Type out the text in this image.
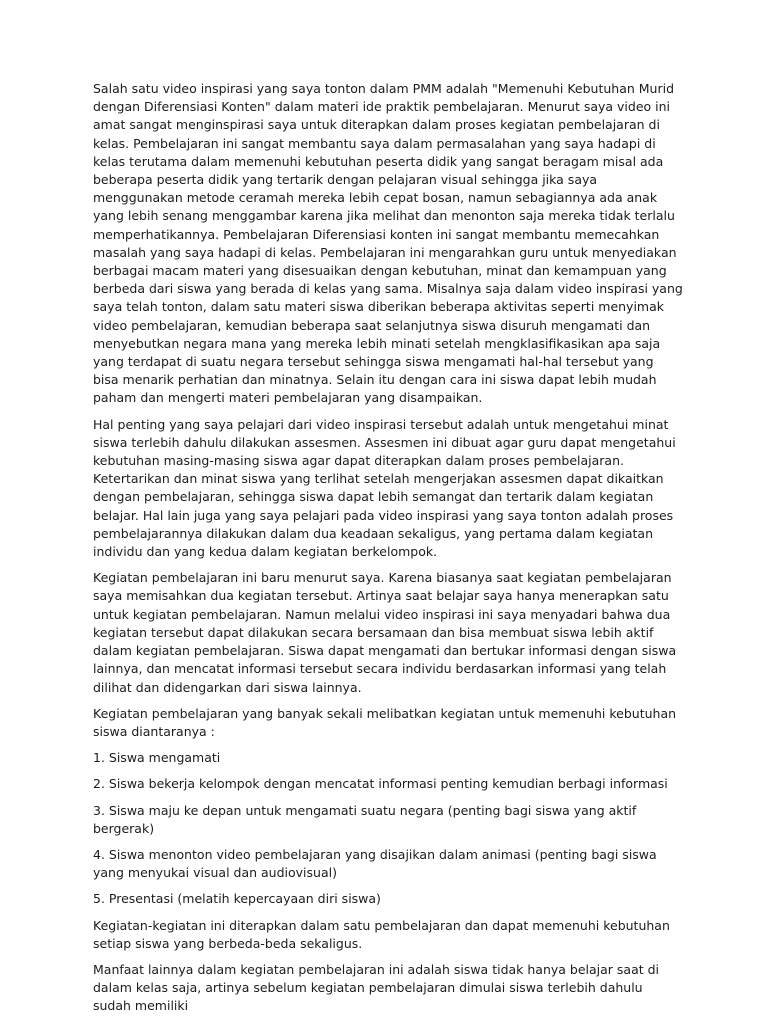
Salah satu video inspirasi yang saya tonton dalam PMM adalah "Memenuhi Kebutuhan Murid dengan Diferensiasi Konten" dalam materi ide praktik pembelajaran. Menurut saya video ini amat sangat menginspirasi saya untuk diterapkan dalam proses kegiatan pembelajaran di kelas. Pembelajaran ini sangat membantu saya dalam permasalahan yang saya hadapi di kelas terutama dalam memenuhi kebutuhan peserta didik yang sangat beragam misal ada beberapa peserta didik yang tertarik dengan pelajaran visual sehingga jika saya menggunakan metode ceramah mereka lebih cepat bosan, namun sebagiannya ada anak yang lebih senang menggambar karena jika melihat dan menonton saja mereka tidak terlalu memperhatikannya. Pembelajaran Diferensiasi konten ini sangat membantu memecahkan masalah yang saya hadapi di kelas. Pembelajaran ini mengarahkan guru untuk menyediakan berbagai macam materi yang disesuaikan dengan kebutuhan, minat dan kemampuan yang berbeda dari siswa yang berada di kelas yang sama. Misalnya saja dalam video inspirasi yang saya telah tonton, dalam satu materi siswa diberikan beberapa aktivitas seperti menyimak video pembelajaran, kemudian beberapa saat selanjutnya siswa disuruh mengamati dan menyebutkan negara mana yang mereka lebih minati setelah mengklasifikasikan apa saja yang terdapat di suatu negara tersebut sehingga siswa mengamati hal-hal tersebut yang bisa menarik perhatian dan minatnya. Selain itu dengan cara ini siswa dapat lebih mudah paham dan mengerti materi pembelajaran yang disampaikan.

Hal penting yang saya pelajari dari video inspirasi tersebut adalah untuk mengetahui minat siswa terlebih dahulu dilakukan assesmen. Assesmen ini dibuat agar guru dapat mengetahui kebutuhan masing-masing siswa agar dapat diterapkan dalam proses pembelajaran. Ketertarikan dan minat siswa yang terlihat setelah mengerjakan assesmen dapat dikaitkan dengan pembelajaran, sehingga siswa dapat lebih semangat dan tertarik dalam kegiatan belajar. Hal lain juga yang saya pelajari pada video inspirasi yang saya tonton adalah proses pembelajarannya dilakukan dalam dua keadaan sekaligus, yang pertama dalam kegiatan individu dan yang kedua dalam kegiatan berkelompok.

Kegiatan pembelajaran ini baru menurut saya. Karena biasanya saat kegiatan pembelajaran saya memisahkan dua kegiatan tersebut. Artinya saat belajar saya hanya menerapkan satu untuk kegiatan pembelajaran. Namun melalui video inspirasi ini saya menyadari bahwa dua kegiatan tersebut dapat dilakukan secara bersamaan dan bisa membuat siswa lebih aktif dalam kegiatan pembelajaran. Siswa dapat mengamati dan bertukar informasi dengan siswa lainnya, dan mencatat informasi tersebut secara individu berdasarkan informasi yang telah dilihat dan didengarkan dari siswa lainnya.

Kegiatan pembelajaran yang banyak sekali melibatkan kegiatan untuk memenuhi kebutuhan siswa diantaranya :

1. Siswa mengamati

2. Siswa bekerja kelompok dengan mencatat informasi penting kemudian berbagi informasi

3. Siswa maju ke depan untuk mengamati suatu negara (penting bagi siswa yang aktif bergerak)

4. Siswa menonton video pembelajaran yang disajikan dalam animasi (penting bagi siswa yang menyukai visual dan audiovisual)

5. Presentasi (melatih kepercayaan diri siswa)

Kegiatan-kegiatan ini diterapkan dalam satu pembelajaran dan dapat memenuhi kebutuhan setiap siswa yang berbeda-beda sekaligus.

Manfaat lainnya dalam kegiatan pembelajaran ini adalah siswa tidak hanya belajar saat di dalam kelas saja, artinya sebelum kegiatan pembelajaran dimulai siswa terlebih dahulu sudah memiliki
